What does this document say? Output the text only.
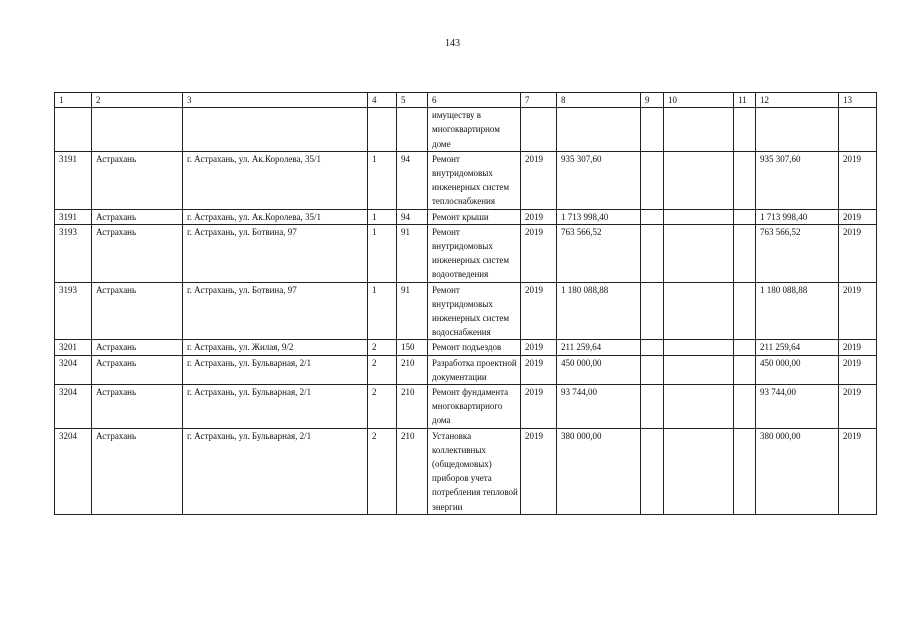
143
1	2	3	4	5	6	7	8	9	10	11	12	13
					имуществу в многоквартирном доме							
3191	Астрахань	г. Астрахань, ул. Ак.Королева, 35/1	1	94	Ремонт внутридомовых инженерных систем теплоснабжения	2019	935 307,60				935 307,60	2019
3191	Астрахань	г. Астрахань, ул. Ак.Королева, 35/1	1	94	Ремонт крыши	2019	1 713 998,40				1 713 998,40	2019
3193	Астрахань	г. Астрахань, ул. Ботвина, 97	1	91	Ремонт внутридомовых инженерных систем водоотведения	2019	763 566,52				763 566,52	2019
3193	Астрахань	г. Астрахань, ул. Ботвина, 97	1	91	Ремонт внутридомовых инженерных систем водоснабжения	2019	1 180 088,88				1 180 088,88	2019
3201	Астрахань	г. Астрахань, ул. Жилая, 9/2	2	150	Ремонт подъездов	2019	211 259,64				211 259,64	2019
3204	Астрахань	г. Астрахань, ул. Бульварная, 2/1	2	210	Разработка проектной документации	2019	450 000,00				450 000,00	2019
3204	Астрахань	г. Астрахань, ул. Бульварная, 2/1	2	210	Ремонт фундамента многоквартирного дома	2019	93 744,00				93 744,00	2019
3204	Астрахань	г. Астрахань, ул. Бульварная, 2/1	2	210	Установка коллективных (общедомовых) приборов учета потребления тепловой энергии	2019	380 000,00				380 000,00	2019
